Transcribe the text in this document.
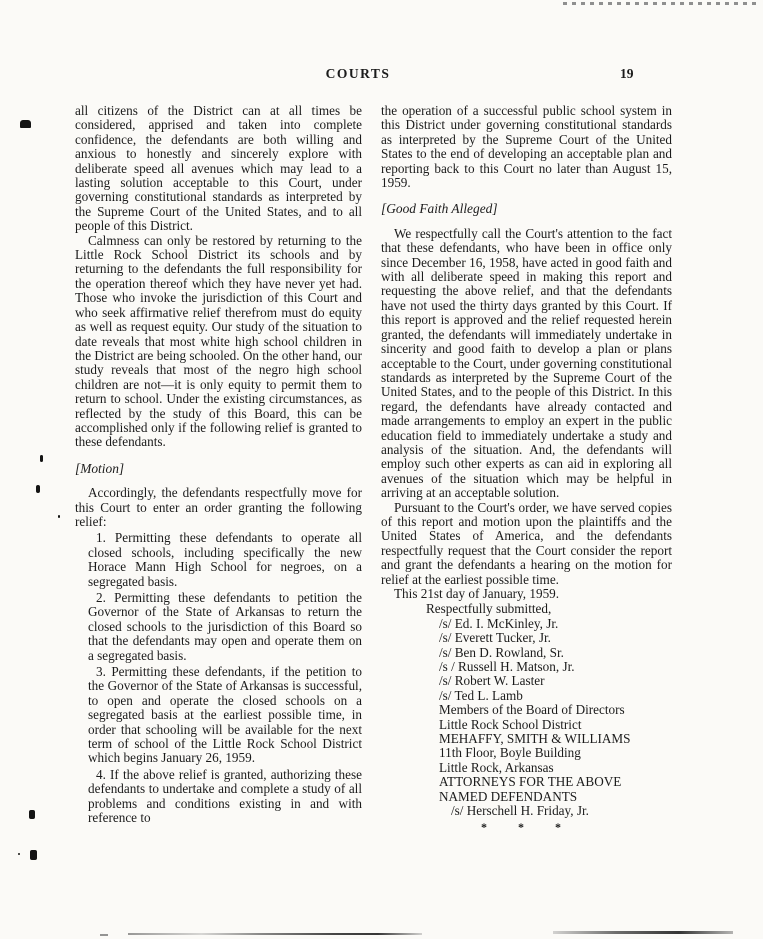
COURTS	19

all citizens of the District can at all times be considered, apprised and taken into complete confidence, the defendants are both willing and anxious to honestly and sincerely explore with deliberate speed all avenues which may lead to a lasting solution acceptable to this Court, under governing constitutional standards as interpreted by the Supreme Court of the United States, and to all people of this District.

Calmness can only be restored by returning to the Little Rock School District its schools and by returning to the defendants the full responsibility for the operation thereof which they have never yet had. Those who invoke the jurisdiction of this Court and who seek affirmative relief therefrom must do equity as well as request equity. Our study of the situation to date reveals that most white high school children in the District are being schooled. On the other hand, our study reveals that most of the negro high school children are not—it is only equity to permit them to return to school. Under the existing circumstances, as reflected by the study of this Board, this can be accomplished only if the following relief is granted to these defendants.

[Motion]

Accordingly, the defendants respectfully move for this Court to enter an order granting the following relief:

1. Permitting these defendants to operate all closed schools, including specifically the new Horace Mann High School for negroes, on a segregated basis.
2. Permitting these defendants to petition the Governor of the State of Arkansas to return the closed schools to the jurisdiction of this Board so that the defendants may open and operate them on a segregated basis.
3. Permitting these defendants, if the petition to the Governor of the State of Arkansas is successful, to open and operate the closed schools on a segregated basis at the earliest possible time, in order that schooling will be available for the next term of school of the Little Rock School District which begins January 26, 1959.
4. If the above relief is granted, authorizing these defendants to undertake and complete a study of all problems and conditions existing in and with reference to

the operation of a successful public school system in this District under governing constitutional standards as interpreted by the Supreme Court of the United States to the end of developing an acceptable plan and reporting back to this Court no later than August 15, 1959.

[Good Faith Alleged]

We respectfully call the Court's attention to the fact that these defendants, who have been in office only since December 16, 1958, have acted in good faith and with all deliberate speed in making this report and requesting the above relief, and that the defendants have not used the thirty days granted by this Court. If this report is approved and the relief requested herein granted, the defendants will immediately undertake in sincerity and good faith to develop a plan or plans acceptable to the Court, under governing constitutional standards as interpreted by the Supreme Court of the United States, and to the people of this District. In this regard, the defendants have already contacted and made arrangements to employ an expert in the public education field to immediately undertake a study and analysis of the situation. And, the defendants will employ such other experts as can aid in exploring all avenues of the situation which may be helpful in arriving at an acceptable solution.

Pursuant to the Court's order, we have served copies of this report and motion upon the plaintiffs and the United States of America, and the defendants respectfully request that the Court consider the report and grant the defendants a hearing on the motion for relief at the earliest possible time.

This 21st day of January, 1959.

Respectfully submitted,
/s/ Ed. I. McKinley, Jr.
/s/ Everett Tucker, Jr.
/s/ Ben D. Rowland, Sr.
/s / Russell H. Matson, Jr.
/s/ Robert W. Laster
/s/ Ted L. Lamb
Members of the Board of Directors
Little Rock School District
MEHAFFY, SMITH & WILLIAMS
11th Floor, Boyle Building
Little Rock, Arkansas
ATTORNEYS FOR THE ABOVE
NAMED DEFENDANTS
/s/ Herschell H. Friday, Jr.
* * *
